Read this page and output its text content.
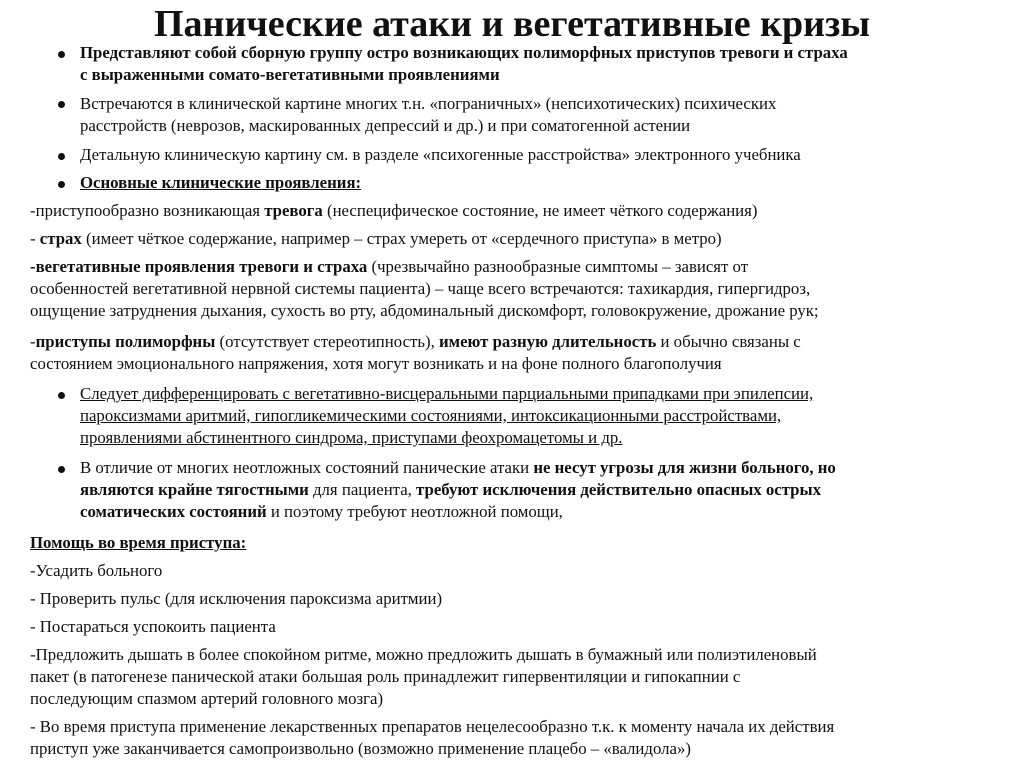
Панические атаки и вегетативные кризы
Представляют собой сборную группу остро возникающих полиморфных приступов тревоги и страха
с выраженными сомато-вегетативными проявлениями
Встречаются в клинической картине многих т.н. «пограничных» (непсихотических) психических
расстройств (неврозов, маскированных депрессий и др.) и при соматогенной астении
Детальную клиническую картину см. в разделе «психогенные расстройства» электронного учебника
Основные клинические проявления:
-приступообразно возникающая тревога (неспецифическое состояние, не имеет чёткого содержания)
- страх (имеет чёткое содержание, например – страх умереть от «сердечного приступа» в метро)
-вегетативные проявления тревоги и страха (чрезвычайно разнообразные симптомы – зависят от
особенностей вегетативной нервной системы пациента) – чаще всего встречаются: тахикардия, гипергидроз,
ощущение затруднения дыхания, сухость во рту, абдоминальный дискомфорт, головокружение, дрожание рук;
-приступы полиморфны (отсутствует стереотипность), имеют разную длительность и обычно связаны с
состоянием эмоционального напряжения, хотя могут возникать и на фоне полного благополучия
Следует дифференцировать с вегетативно-висцеральными парциальными припадками при эпилепсии,
пароксизмами аритмий, гипогликемическими состояниями, интоксикационными расстройствами,
проявлениями абстинентного синдрома, приступами феохромацетомы и др.
В отличие от многих неотложных состояний панические атаки не несут угрозы для жизни больного, но
являются крайне тягостными для пациента, требуют исключения действительно опасных острых
соматических состояний и поэтому требуют неотложной помощи,
Помощь во время приступа:
-Усадить больного
- Проверить пульс (для исключения пароксизма аритмии)
- Постараться успокоить пациента
-Предложить дышать в более спокойном ритме, можно предложить дышать в бумажный или полиэтиленовый
пакет (в патогенезе панической атаки большая роль принадлежит гипервентиляции и гипокапнии с
последующим спазмом артерий головного мозга)
- Во время приступа применение лекарственных препаратов нецелесообразно т.к. к моменту начала их действия
приступ уже заканчивается самопроизвольно (возможно применение плацебо – «валидола»)
